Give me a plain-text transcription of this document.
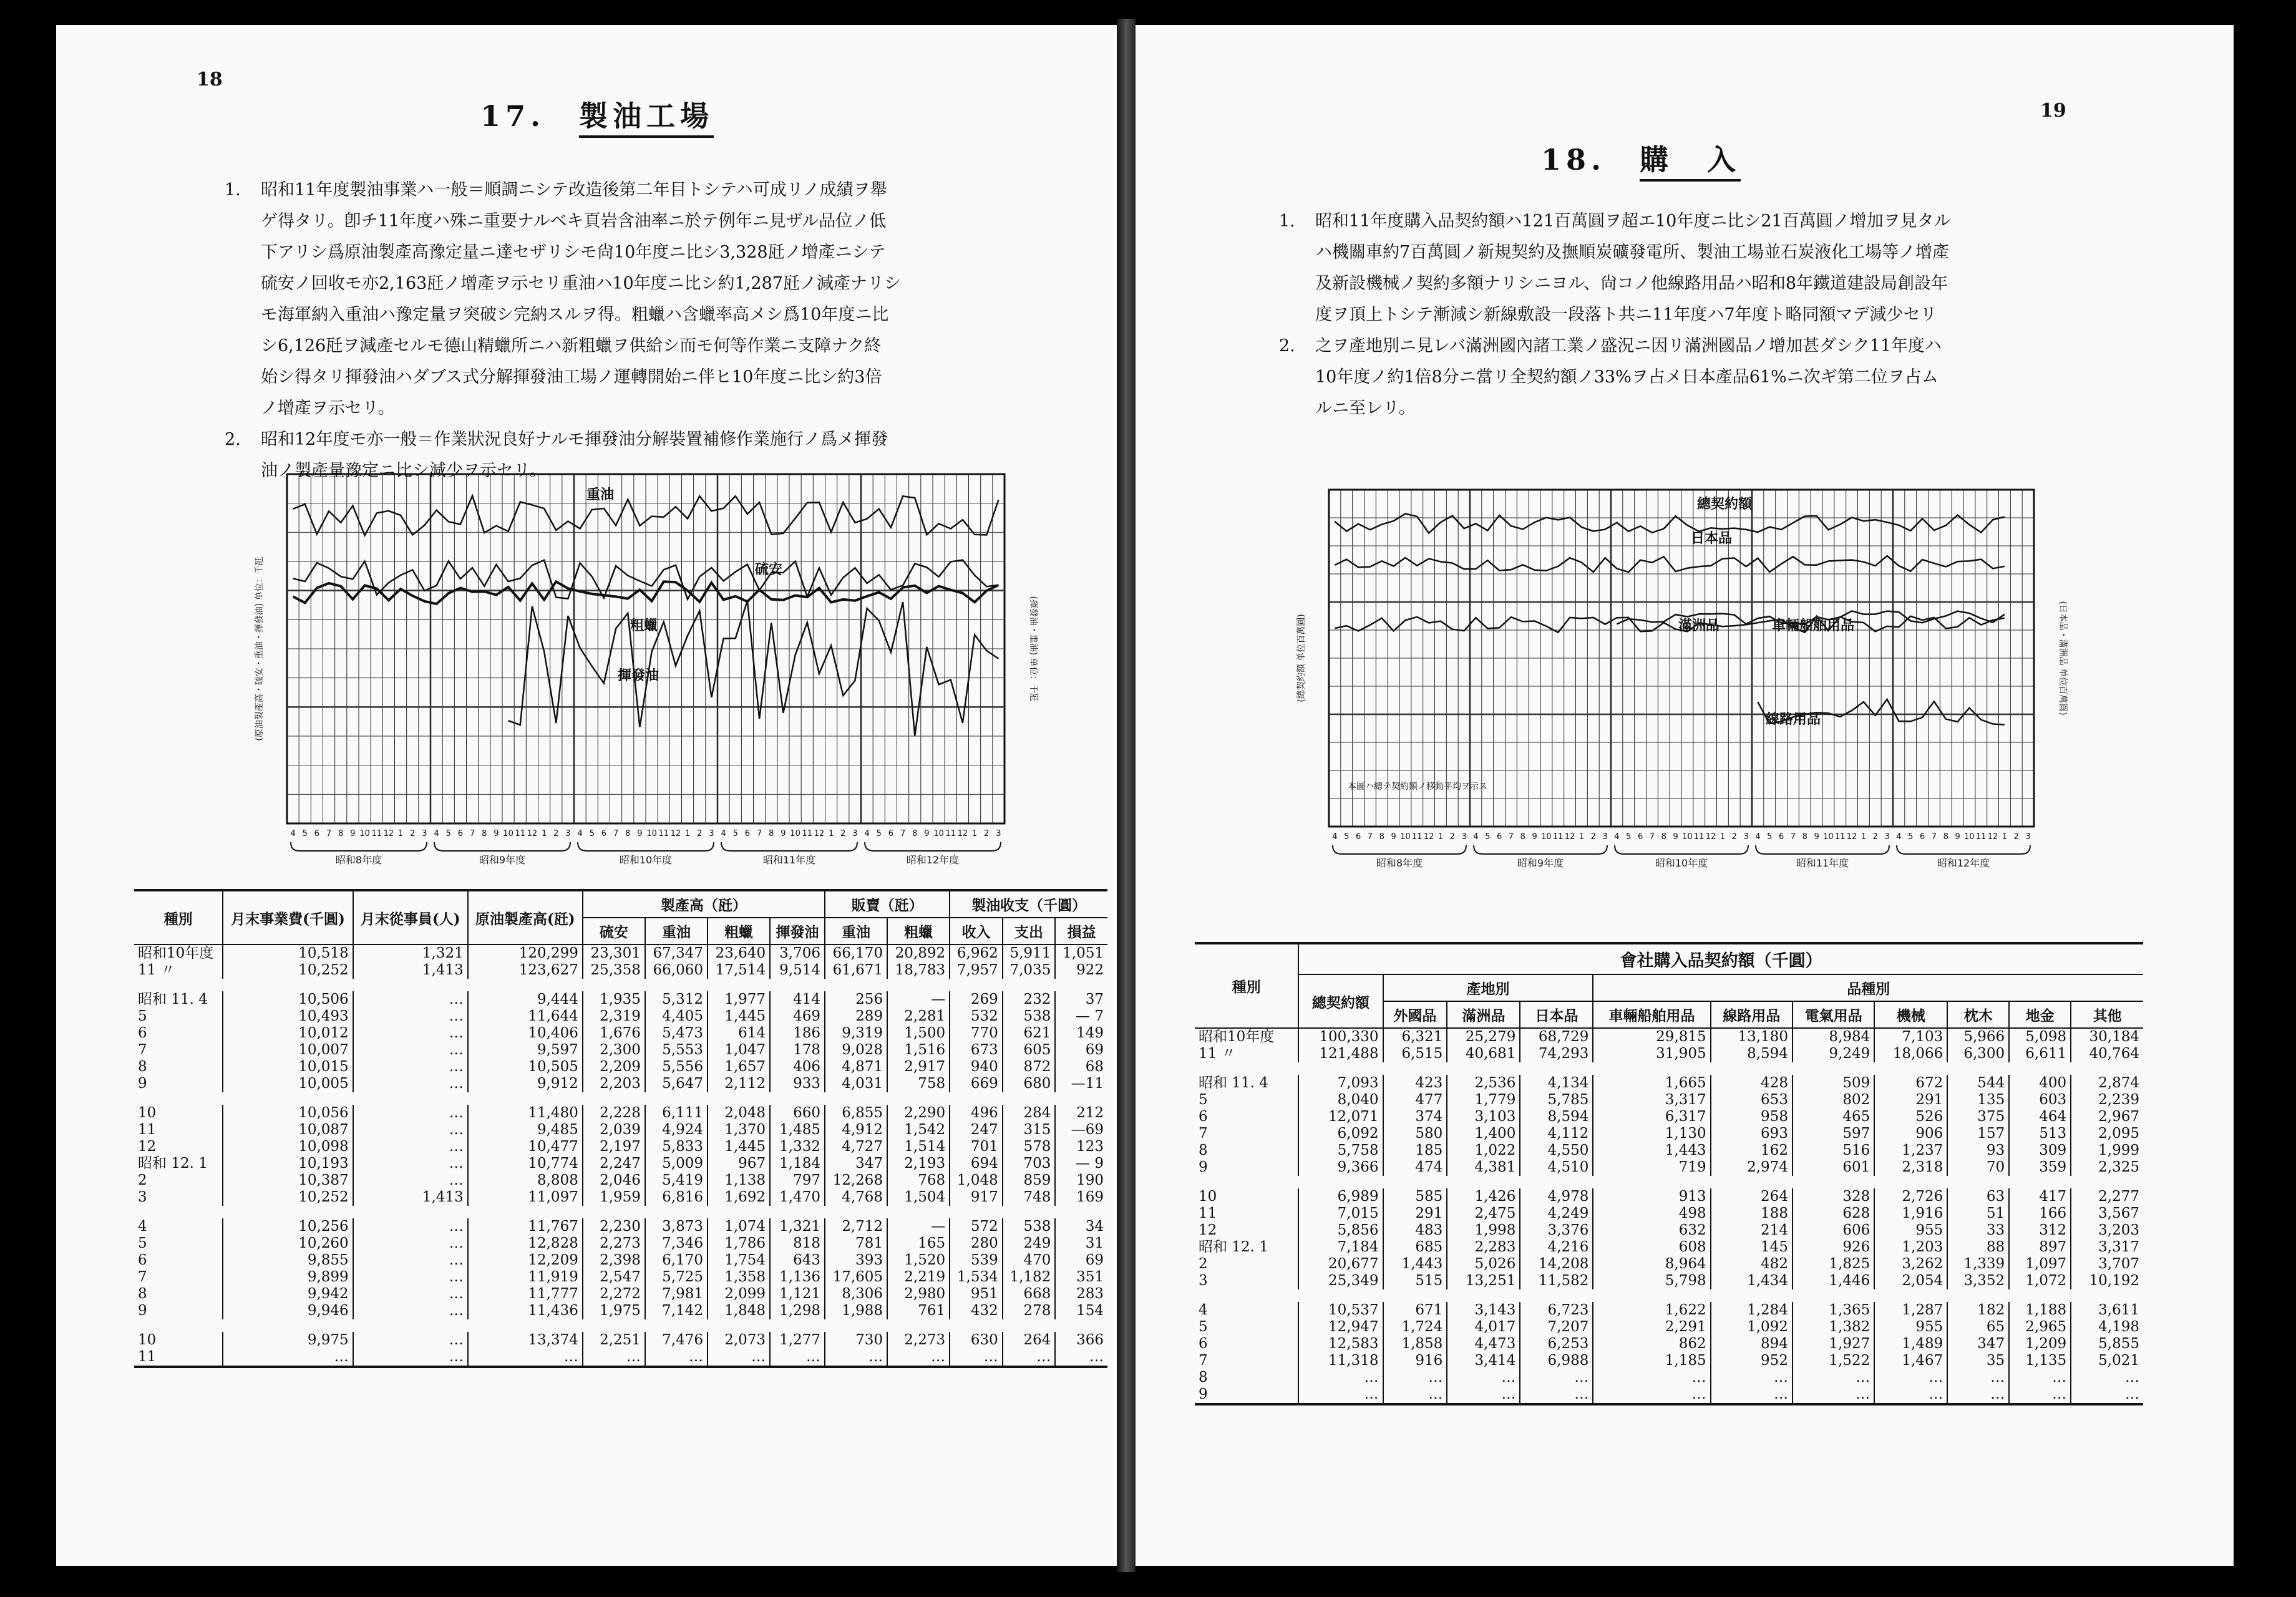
18
17. 製油工場
1. 昭和11年度製油事業ハ一般＝順調ニシテ改造後第二年目トシテハ可成リノ成績ヲ舉
ゲ得タリ。卽チ11年度ハ殊ニ重要ナルベキ頁岩含油率ニ於テ例年ニ見ザル品位ノ低
下アリシ爲原油製產高豫定量ニ達セザリシモ尙10年度ニ比シ3,328瓩ノ增產ニシテ
硫安ノ回收モ亦2,163瓩ノ增產ヲ示セリ重油ハ10年度ニ比シ約1,287瓩ノ減產ナリシ
モ海軍納入重油ハ豫定量ヲ突破シ完納スルヲ得。粗蠟ハ含蠟率高メシ爲10年度ニ比
シ6,126瓩ヲ減產セルモ德山精蠟所ニハ新粗蠟ヲ供給シ而モ何等作業ニ支障ナク終
始シ得タリ揮發油ハダブス式分解揮發油工場ノ運轉開始ニ伴ヒ10年度ニ比シ約3倍
ノ增產ヲ示セリ。
2. 昭和12年度モ亦一般＝作業狀況良好ナルモ揮發油分解裝置補修作業施行ノ爲メ揮發
油ノ製產量豫定ニ比シ減少ヲ示セリ。
4 5 6 7 8 9 10 11 12 1 2 3 4 5 6 7 8 9 10 11 12 1 2 3 4 5 6 7 8 9 10 11 12 1 2 3 4 5 6 7 8 9 10 11 12 1 2 3 4 5 6 7 8 9 10 11 12 1 2 3
昭和8年度	昭和9年度	昭和10年度	昭和11年度	昭和12年度
(原油製產高・硫安・重油・揮發油) 单位：千瓩	(揮發油・重油) 单位：千瓩
重油
硫安
粗蠟
揮發油
種別	月末事業費(千圓)	月末從事員(人)	原油製產高(瓩)	製產高（瓩）				販賣（瓩）		製油收支（千圓）		
				硫安	重油	粗蠟	揮發油	重油	粗蠟	收入	支出	損益
昭和10年度	10,518	1,321	120,299	23,301	67,347	23,640	3,706	66,170	20,892	6,962	5,911	1,051
11 〃	10,252	1,413	123,627	25,358	66,060	17,514	9,514	61,671	18,783	7,957	7,035	922

昭和 11. 4	10,506	…	9,444	1,935	5,312	1,977	414	256	—	269	232	37
5	10,493	…	11,644	2,319	4,405	1,445	469	289	2,281	532	538	— 7
6	10,012	…	10,406	1,676	5,473	614	186	9,319	1,500	770	621	149
7	10,007	…	9,597	2,300	5,553	1,047	178	9,028	1,516	673	605	69
8	10,015	…	10,505	2,209	5,556	1,657	406	4,871	2,917	940	872	68
9	10,005	…	9,912	2,203	5,647	2,112	933	4,031	758	669	680	—11

10	10,056	…	11,480	2,228	6,111	2,048	660	6,855	2,290	496	284	212
11	10,087	…	9,485	2,039	4,924	1,370	1,485	4,912	1,542	247	315	—69
12	10,098	…	10,477	2,197	5,833	1,445	1,332	4,727	1,514	701	578	123
昭和 12. 1	10,193	…	10,774	2,247	5,009	967	1,184	347	2,193	694	703	— 9
2	10,387	…	8,808	2,046	5,419	1,138	797	12,268	768	1,048	859	190
3	10,252	1,413	11,097	1,959	6,816	1,692	1,470	4,768	1,504	917	748	169

4	10,256	…	11,767	2,230	3,873	1,074	1,321	2,712	—	572	538	34
5	10,260	…	12,828	2,273	7,346	1,786	818	781	165	280	249	31
6	9,855	…	12,209	2,398	6,170	1,754	643	393	1,520	539	470	69
7	9,899	…	11,919	2,547	5,725	1,358	1,136	17,605	2,219	1,534	1,182	351
8	9,942	…	11,777	2,272	7,981	2,099	1,121	8,306	2,980	951	668	283
9	9,946	…	11,436	1,975	7,142	1,848	1,298	1,988	761	432	278	154

10	9,975	…	13,374	2,251	7,476	2,073	1,277	730	2,273	630	264	366
11	…	…	…	…	…	…	…	…	…	…	…	…
19
18. 購　入
1. 昭和11年度購入品契約額ハ121百萬圓ヲ超エ10年度ニ比シ21百萬圓ノ增加ヲ見タル
ハ機關車約7百萬圓ノ新規契約及撫順炭礦發電所、製油工場並石炭液化工場等ノ增產
及新設機械ノ契約多額ナリシニヨル、尙コノ他線路用品ハ昭和8年鐵道建設局創設年
度ヲ頂上トシテ漸減シ新線敷設一段落ト共ニ11年度ハ7年度ト略同額マデ減少セリ
2. 之ヲ產地別ニ見レバ滿洲國內諸工業ノ盛況ニ因リ滿洲國品ノ增加甚ダシク11年度ハ
10年度ノ約1倍8分ニ當リ全契約額ノ33%ヲ占メ日本產品61%ニ次ギ第二位ヲ占ム
ルニ至レリ。
4 5 6 7 8 9 10 11 12 1 2 3 4 5 6 7 8 9 10 11 12 1 2 3 4 5 6 7 8 9 10 11 12 1 2 3 4 5 6 7 8 9 10 11 12 1 2 3 4 5 6 7 8 9 10 11 12 1 2 3
昭和8年度	昭和9年度	昭和10年度	昭和11年度	昭和12年度
(總契約額 单位百萬圓)	(日本品・滿洲品 单位百萬圓)
總契約額
日本品
滿洲品	車輛船舶用品
線路用品
本圖ハ總テ契約額ノ移動平均ヲ示ス
種別	會社購入品契約額（千圓）										
	總契約額	產地別			品種別						
		外國品	滿洲品	日本品	車輛船舶用品	線路用品	電氣用品	機械	枕木	地金	其他
昭和10年度	100,330	6,321	25,279	68,729	29,815	13,180	8,984	7,103	5,966	5,098	30,184
11 〃	121,488	6,515	40,681	74,293	31,905	8,594	9,249	18,066	6,300	6,611	40,764

昭和 11. 4	7,093	423	2,536	4,134	1,665	428	509	672	544	400	2,874
5	8,040	477	1,779	5,785	3,317	653	802	291	135	603	2,239
6	12,071	374	3,103	8,594	6,317	958	465	526	375	464	2,967
7	6,092	580	1,400	4,112	1,130	693	597	906	157	513	2,095
8	5,758	185	1,022	4,550	1,443	162	516	1,237	93	309	1,999
9	9,366	474	4,381	4,510	719	2,974	601	2,318	70	359	2,325

10	6,989	585	1,426	4,978	913	264	328	2,726	63	417	2,277
11	7,015	291	2,475	4,249	498	188	628	1,916	51	166	3,567
12	5,856	483	1,998	3,376	632	214	606	955	33	312	3,203
昭和 12. 1	7,184	685	2,283	4,216	608	145	926	1,203	88	897	3,317
2	20,677	1,443	5,026	14,208	8,964	482	1,825	3,262	1,339	1,097	3,707
3	25,349	515	13,251	11,582	5,798	1,434	1,446	2,054	3,352	1,072	10,192

4	10,537	671	3,143	6,723	1,622	1,284	1,365	1,287	182	1,188	3,611
5	12,947	1,724	4,017	7,207	2,291	1,092	1,382	955	65	2,965	4,198
6	12,583	1,858	4,473	6,253	862	894	1,927	1,489	347	1,209	5,855
7	11,318	916	3,414	6,988	1,185	952	1,522	1,467	35	1,135	5,021
8	…	…	…	…	…	…	…	…	…	…	…
9	…	…	…	…	…	…	…	…	…	…	…
